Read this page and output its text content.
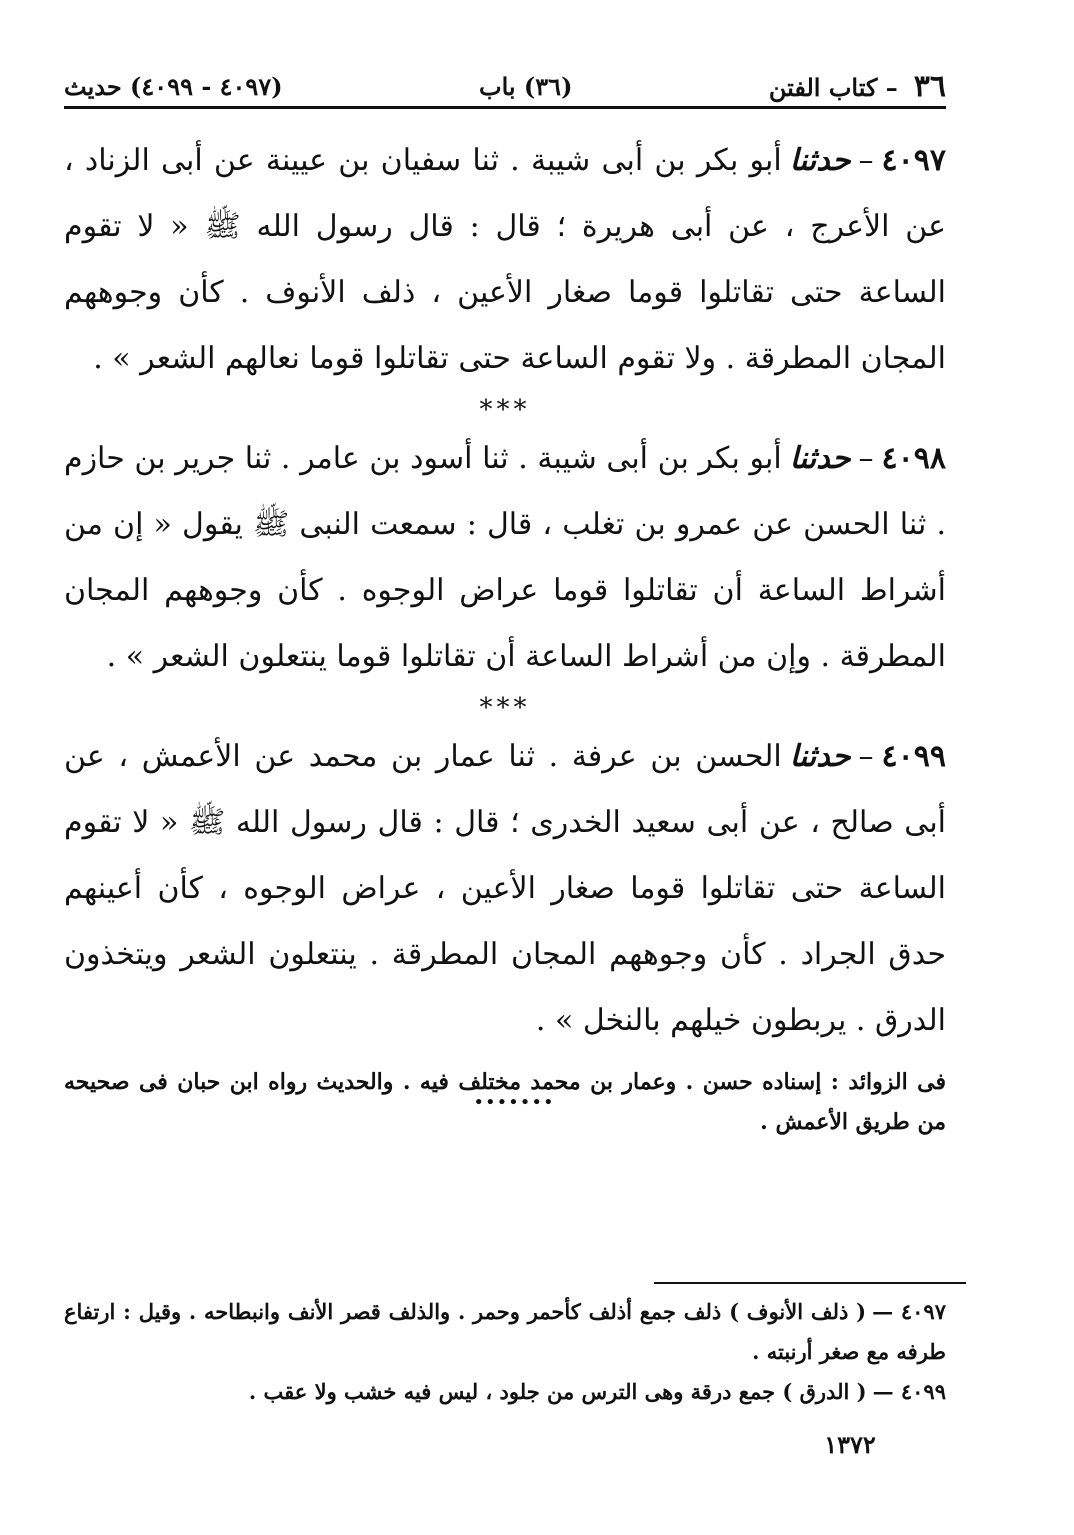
٣٦
– كتاب الفتن
(٣٦) باب
(٤٠٩٧ - ٤٠٩٩) حديث

٤٠٩٧–حدثناأبو بكر بن أبى شيبة . ثنا سفيان بن عيينة عن أبى الزناد ، عن الأعرج ، عن أبى هريرة ؛ قال : قال رسول الله ﷺ « لا تقوم الساعة حتى تقاتلوا قوما صغار الأعين ، ذلف الأنوف . كأن وجوههم المجان المطرقة . ولا تقوم الساعة حتى تقاتلوا قوما نعالهم الشعر » .

***

٤٠٩٨–حدثناأبو بكر بن أبى شيبة . ثنا أسود بن عامر . ثنا جرير بن حازم . ثنا الحسن عن عمرو بن تغلب ، قال : سمعت النبى ﷺ يقول « إن من أشراط الساعة أن تقاتلوا قوما عراض الوجوه . كأن وجوههم المجان المطرقة . وإن من أشراط الساعة أن تقاتلوا قوما ينتعلون الشعر » .

***

٤٠٩٩–حدثناالحسن بن عرفة . ثنا عمار بن محمد عن الأعمش ، عن أبى صالح ، عن أبى سعيد الخدرى ؛ قال : قال رسول الله ﷺ « لا تقوم الساعة حتى تقاتلوا قوما صغار الأعين ، عراض الوجوه ، كأن أعينهم حدق الجراد . كأن وجوههم المجان المطرقة . ينتعلون الشعر ويتخذون الدرق . يربطون خيلهم بالنخل » .

فى الزوائد : إسناده حسن . وعمار بن محمد مختلف فيه . والحديث رواه ابن حبان فى صحيحه من طريق الأعمش .
•••••••

٤٠٩٧ —( ذلف الأنوف ) ذلف جمع أذلف كأحمر وحمر . والذلف قصر الأنف وانبطاحه . وقيل : ارتفاع طرفه مع صغر أرنبته .

٤٠٩٩ —( الدرق ) جمع درقة وهى الترس من جلود ، ليس فيه خشب ولا عقب .

١٣٧٢
